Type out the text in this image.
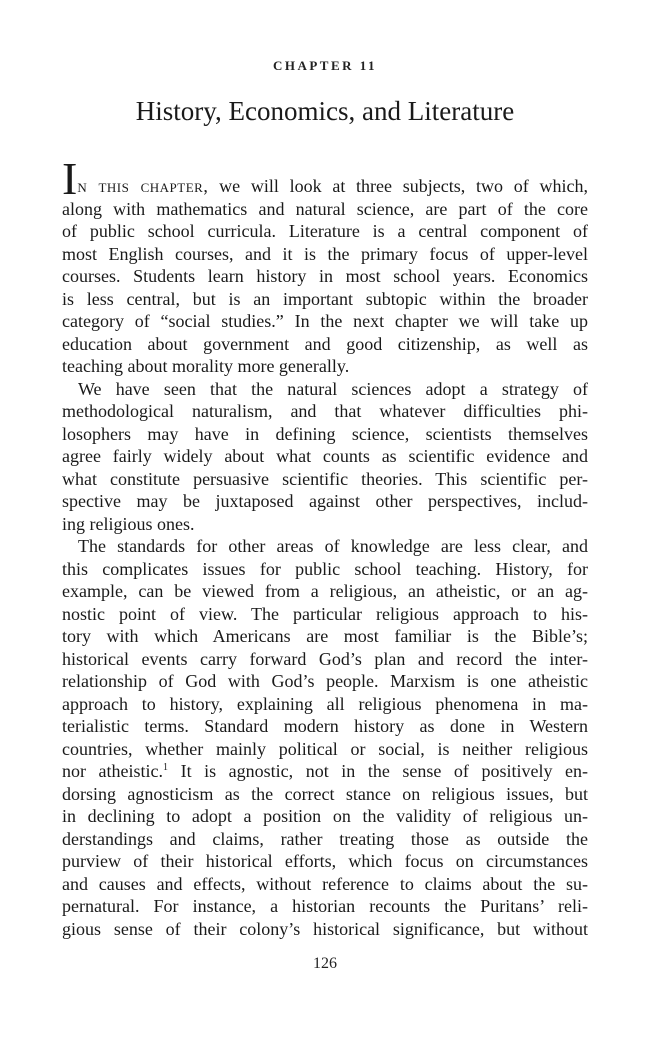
CHAPTER 11
History, Economics, and Literature
In this chapter, we will look at three subjects, two of which,
along with mathematics and natural science, are part of the core
of public school curricula. Literature is a central component of
most English courses, and it is the primary focus of upper-level
courses. Students learn history in most school years. Economics
is less central, but is an important subtopic within the broader
category of “social studies.” In the next chapter we will take up
education about government and good citizenship, as well as
teaching about morality more generally.
We have seen that the natural sciences adopt a strategy of
methodological naturalism, and that whatever difficulties phi-
losophers may have in defining science, scientists themselves
agree fairly widely about what counts as scientific evidence and
what constitute persuasive scientific theories. This scientific per-
spective may be juxtaposed against other perspectives, includ-
ing religious ones.
The standards for other areas of knowledge are less clear, and
this complicates issues for public school teaching. History, for
example, can be viewed from a religious, an atheistic, or an ag-
nostic point of view. The particular religious approach to his-
tory with which Americans are most familiar is the Bible’s;
historical events carry forward God’s plan and record the inter-
relationship of God with God’s people. Marxism is one atheistic
approach to history, explaining all religious phenomena in ma-
terialistic terms. Standard modern history as done in Western
countries, whether mainly political or social, is neither religious
nor atheistic.$^1$ It is agnostic, not in the sense of positively en-
dorsing agnosticism as the correct stance on religious issues, but
in declining to adopt a position on the validity of religious un-
derstandings and claims, rather treating those as outside the
purview of their historical efforts, which focus on circumstances
and causes and effects, without reference to claims about the su-
pernatural. For instance, a historian recounts the Puritans’ reli-
gious sense of their colony’s historical significance, but without
126
